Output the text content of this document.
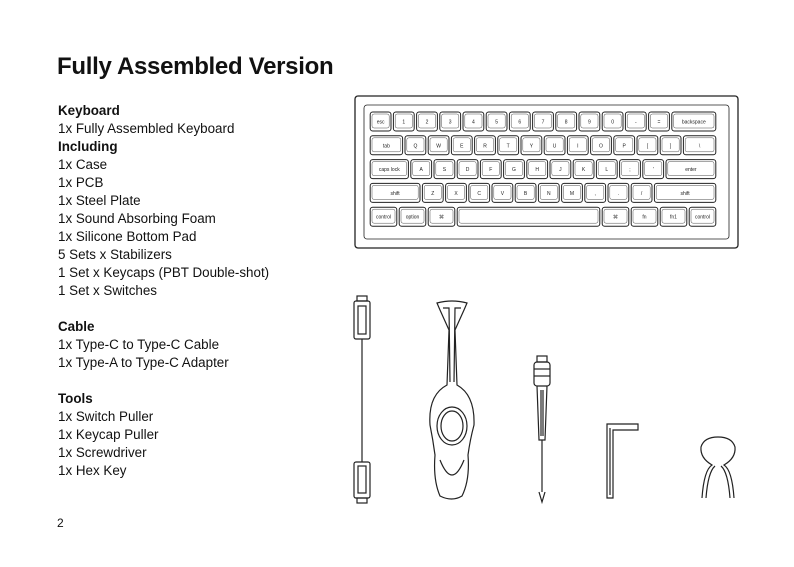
Fully Assembled Version
Keyboard
1x Fully Assembled Keyboard
Including
1x Case
1x PCB
1x Steel Plate
1x Sound Absorbing Foam
1x Silicone Bottom Pad
5 Sets x Stabilizers
1 Set x Keycaps (PBT Double-shot)
1 Set x Switches
Cable
1x Type-C to Type-C Cable
1x Type-A to Type-C Adapter
Tools
1x Switch Puller
1x Keycap Puller
1x Screwdriver
1x Hex Key
2
esc	1	2	3	4	5	6	7	8	9	0	-	=	backspace
tab	Q	W	E	R	T	Y	U	I	O	P	[	]	\
caps lock	A	S	D	F	G	H	J	K	L	;	'	enter
shift	Z	X	C	V	B	N	M	,	.	/	shift
control	option	⌘	⌘	fn	fn1	control
